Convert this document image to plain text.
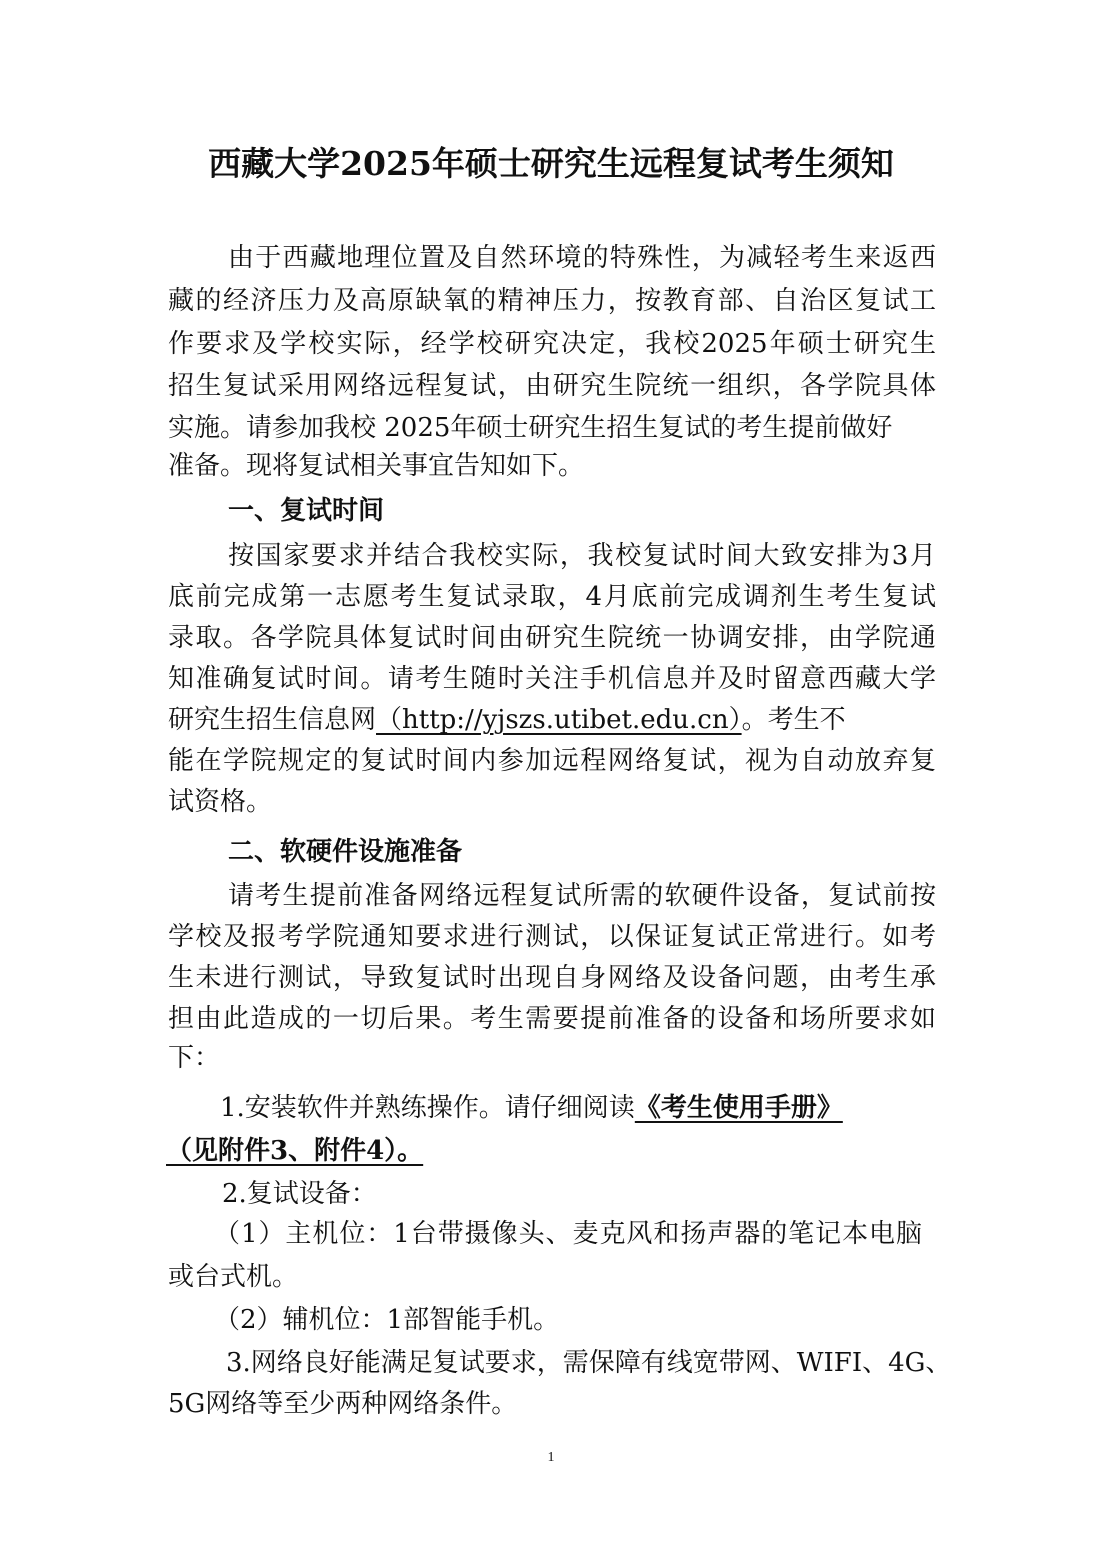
西藏大学2025年硕士研究生远程复试考生须知
由于西藏地理位置及自然环境的特殊性，为减轻考生来返西
藏的经济压力及高原缺氧的精神压力，按教育部、自治区复试工
作要求及学校实际，经学校研究决定，我校2025年硕士研究生
招生复试采用网络远程复试，由研究生院统一组织，各学院具体
实施。请参加我校 2025年硕士研究生招生复试的考生提前做好
准备。现将复试相关事宜告知如下。
一、复试时间
按国家要求并结合我校实际，我校复试时间大致安排为3月
底前完成第一志愿考生复试录取，4月底前完成调剂生考生复试
录取。各学院具体复试时间由研究生院统一协调安排，由学院通
知准确复试时间。请考生随时关注手机信息并及时留意西藏大学
研究生招生信息网（http://yjszs.utibet.edu.cn）。考生不
能在学院规定的复试时间内参加远程网络复试，视为自动放弃复
试资格。
二、软硬件设施准备
请考生提前准备网络远程复试所需的软硬件设备，复试前按
学校及报考学院通知要求进行测试，以保证复试正常进行。如考
生未进行测试，导致复试时出现自身网络及设备问题，由考生承
担由此造成的一切后果。考生需要提前准备的设备和场所要求如
下：
1.安装软件并熟练操作。请仔细阅读《考生使用手册》
（见附件3、附件4）。
2.复试设备：
（1）主机位：1台带摄像头、麦克风和扬声器的笔记本电脑
或台式机。
（2）辅机位：1部智能手机。
3.网络良好能满足复试要求，需保障有线宽带网、WIFI、4G、
5G网络等至少两种网络条件。
1
